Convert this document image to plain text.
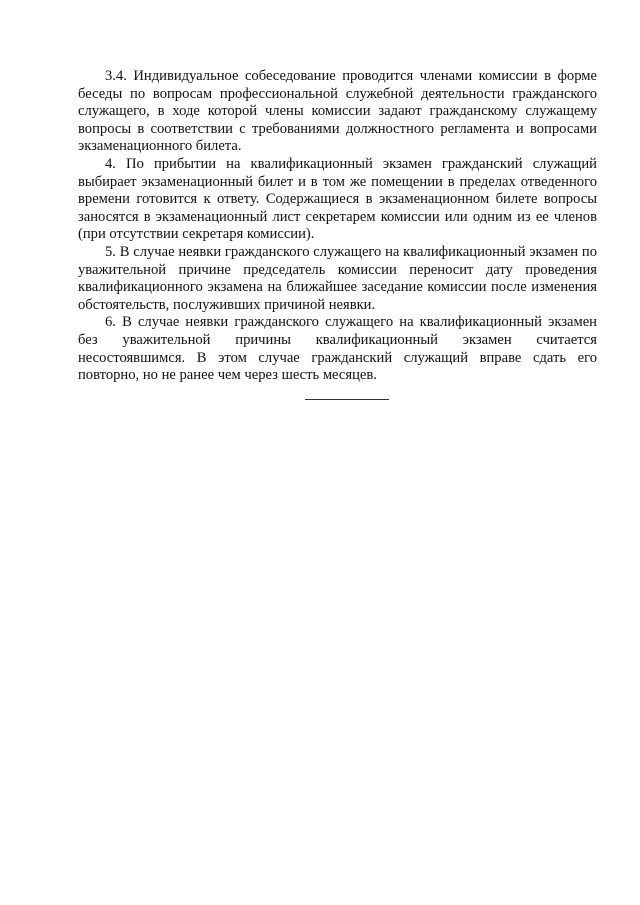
3.4. Индивидуальное собеседование проводится членами комиссии в форме беседы по вопросам профессиональной служебной деятельности гражданского служащего, в ходе которой члены комиссии задают гражданскому служащему вопросы в соответствии с требованиями должностного регламента и вопросами экзаменационного билета.

4. По прибытии на квалификационный экзамен гражданский служащий выбирает экзаменационный билет и в том же помещении в пределах отведенного времени готовится к ответу. Содержащиеся в экзаменационном билете вопросы заносятся в экзаменационный лист секретарем комиссии или одним из ее членов (при отсутствии секретаря комиссии).

5. В случае неявки гражданского служащего на квалификационный экзамен по уважительной причине председатель комиссии переносит дату проведения квалификационного экзамена на ближайшее заседание комиссии после изменения обстоятельств, послуживших причиной неявки.

6. В случае неявки гражданского служащего на квалификационный экзамен без уважительной причины квалификационный экзамен считается несостоявшимся. В этом случае гражданский служащий вправе сдать его повторно, но не ранее чем через шесть месяцев.
